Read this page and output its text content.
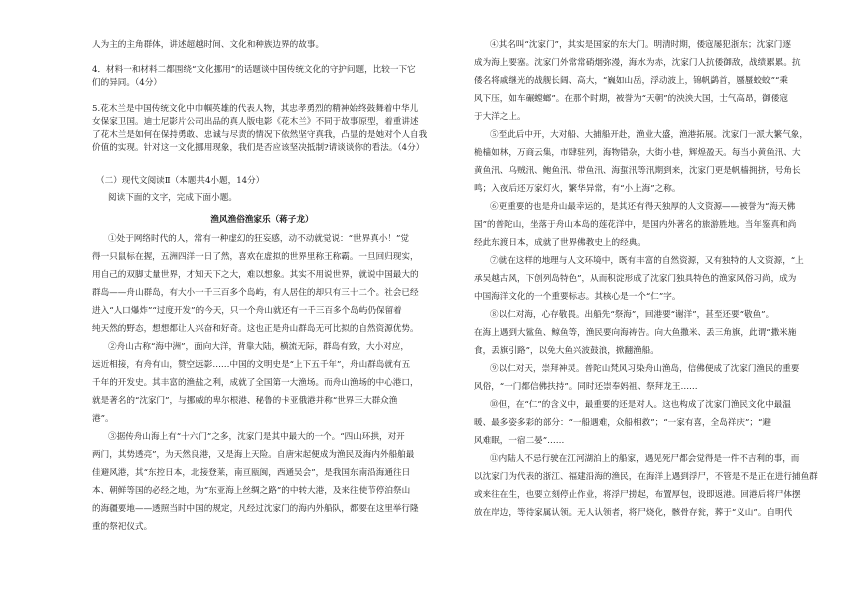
人为主的主角群体，讲述超越时间、文化和种族边界的故事。
4．材料一和材料二都围绕“文化挪用”的话题谈中国传统文化的守护问题，比较一下它
们的异同。（4分）
5.花木兰是中国传统文化中巾帼英雄的代表人物，其忠孝勇烈的精神始终鼓舞着中华儿
女保家卫国。迪士尼影片公司出品的真人版电影《花木兰》不同于故事原型，着重讲述
了花木兰是如何在保持勇敢、忠诚与尽责的情况下依然坚守真我，凸显的是她对个人自我
价值的实现。针对这一文化挪用现象，我们是否应该坚决抵制?请谈谈你的看法。（4分）
（二）现代文阅读Ⅱ（本题共4小题，14分）
阅读下面的文字，完成下面小题。
渔风渔俗渔家乐（蒋子龙）
①处于网络时代的人，常有一种虚幻的狂妄感，动不动就觉说：“世界真小！”觉
得一只鼠标在握，五洲四洋一日了然，喜欢在虚拟的世界里称王称霸。一旦回归现实，
用自己的双脚丈量世界，才知天下之大，难以想象。其实不用说世界，就说中国最大的
群岛——舟山群岛，有大小一千三百多个岛屿，有人居住的却只有三十二个。社会已经
进入“人口爆炸”“过度开发”的今天，只一个舟山就还有一千三百多个岛屿仍保留着
纯天然的野态，想想都让人兴奋和好奇。这也正是舟山群岛无可比拟的自然资源优势。
②舟山古称“海中洲”，面向大洋，背靠大陆，横流无际，群岛有致，大小对应，
远近相接，有舟有山，赞空远影……中国的文明史是“上下五千年”，舟山群岛就有五
千年的开发史。其丰富的渔盐之利，成就了全国第一大渔场。而舟山渔场的中心港口，
就是著名的“沈家门”，与挪威的卑尔根港、秘鲁的卡亚俄港并称“世界三大群众渔
港”。
③据传舟山海上有“十六门”之多，沈家门是其中最大的一个。“四山环拱，对开
两门，其势透亮”，为天然良港，又是海上天险。自唐宋起便成为渔民及海内外船舶最
佳避风港，其“东控日本，北接登莱，南亘瓯闽，西通吴会”，是我国东南沿海通往日
本、朝鲜等国的必经之地，为“东亚海上丝绸之路”的中转大港，及来往使节停泊祭山
的海疆要地——透照当时中国的规定，凡经过沈家门的海内外船队，都要在这里举行隆
重的祭祀仪式。
④其名叫“沈家门”，其实是国家的东大门。明清时期，倭寇屡犯浙东；沈家门逐
成为海上要塞。沈家门外常常硝烟弥漫，海水为赤，沈家门人抗倭御敌，战绩累累。抗
倭名将戚继光的战舰长阔、高大，“巍如山岳，浮动波上，锦帆鹢首，蜃蜃蛟蛟”“乘
风下压，如车碾螳螂”。在那个时期，被誉为“天朝”的泱泱大国，士气高昂，御倭寇
于大洋之上。
⑤至此后中开，大对船、大捕船开赴，渔业大盛，渔港拓展。沈家门一派大繁气象，
桅樯如林，万商云集，市肆驻列，海物错杂，大街小巷，辉煌盈天。每当小黄鱼汛、大
黄鱼汛、乌贼汛、鲍鱼汛、带鱼汛、海蜇汛等汛期到来，沈家门更是帆樯拥挤，号角长
鸣；入夜后还万家灯火，繁华异常，有“小上海”之称。
⑥更重要的也是舟山最幸运的，是其还有得天独厚的人文资源——被誉为“海天佛
国”的普陀山，坐落于舟山本岛的莲花洋中，是国内外著名的旅游胜地。当年鉴真和尚
经此东渡日本，成就了世界佛教史上的经典。
⑦就在这样的地理与人文环境中，既有丰富的自然资源，又有独特的人文资源，“上
承吴越古风，下创列岛特色”，从而积淀形成了沈家门独具特色的渔家风俗习尚，成为
中国海洋文化的一个重要标志。其核心是一个“仁”字。
⑧以仁对海，心存敬畏。出船先“祭海”，回港要“谢洋”，甚至还要“敬鱼”。
在海上遇到大鲨鱼、鲸鱼等，渔民要向海祷告。向大鱼撒米、丢三角旗，此谓“撒米施
食，丢旗引路”，以免大鱼兴波鼓浪，掀翻渔船。
⑨以仁对天，崇拜神灵。普陀山梵风习染舟山渔岛，信佛便成了沈家门渔民的重要
风俗，“一门都信佛扶持”。同时还崇奉妈祖、祭拜龙王……
⑩但，在“仁”的含义中，最重要的还是对人。这也构成了沈家门渔民文化中最温
暖、最多姿多彩的部分：“一船遇难，众船相救”；“一家有喜，全岛祥庆”；“避
风难眠，一宿二晏”……
⑪内陆人不忌行驶在江河湖泊上的船家，遇见死尸都会觉得是一件不吉利的事，而
以沈家门为代表的浙江、福建沿海的渔民，在海洋上遇到浮尸，不管是不是正在进行捕鱼群
或来往在生，也要立刻停止作业，将浮尸捞起，布置厚包，设即返港。回港后将尸体摆
放在岸边，等待家属认领。无人认领者，将尸烧化，骸骨存瓮，葬于“义山”。自明代
